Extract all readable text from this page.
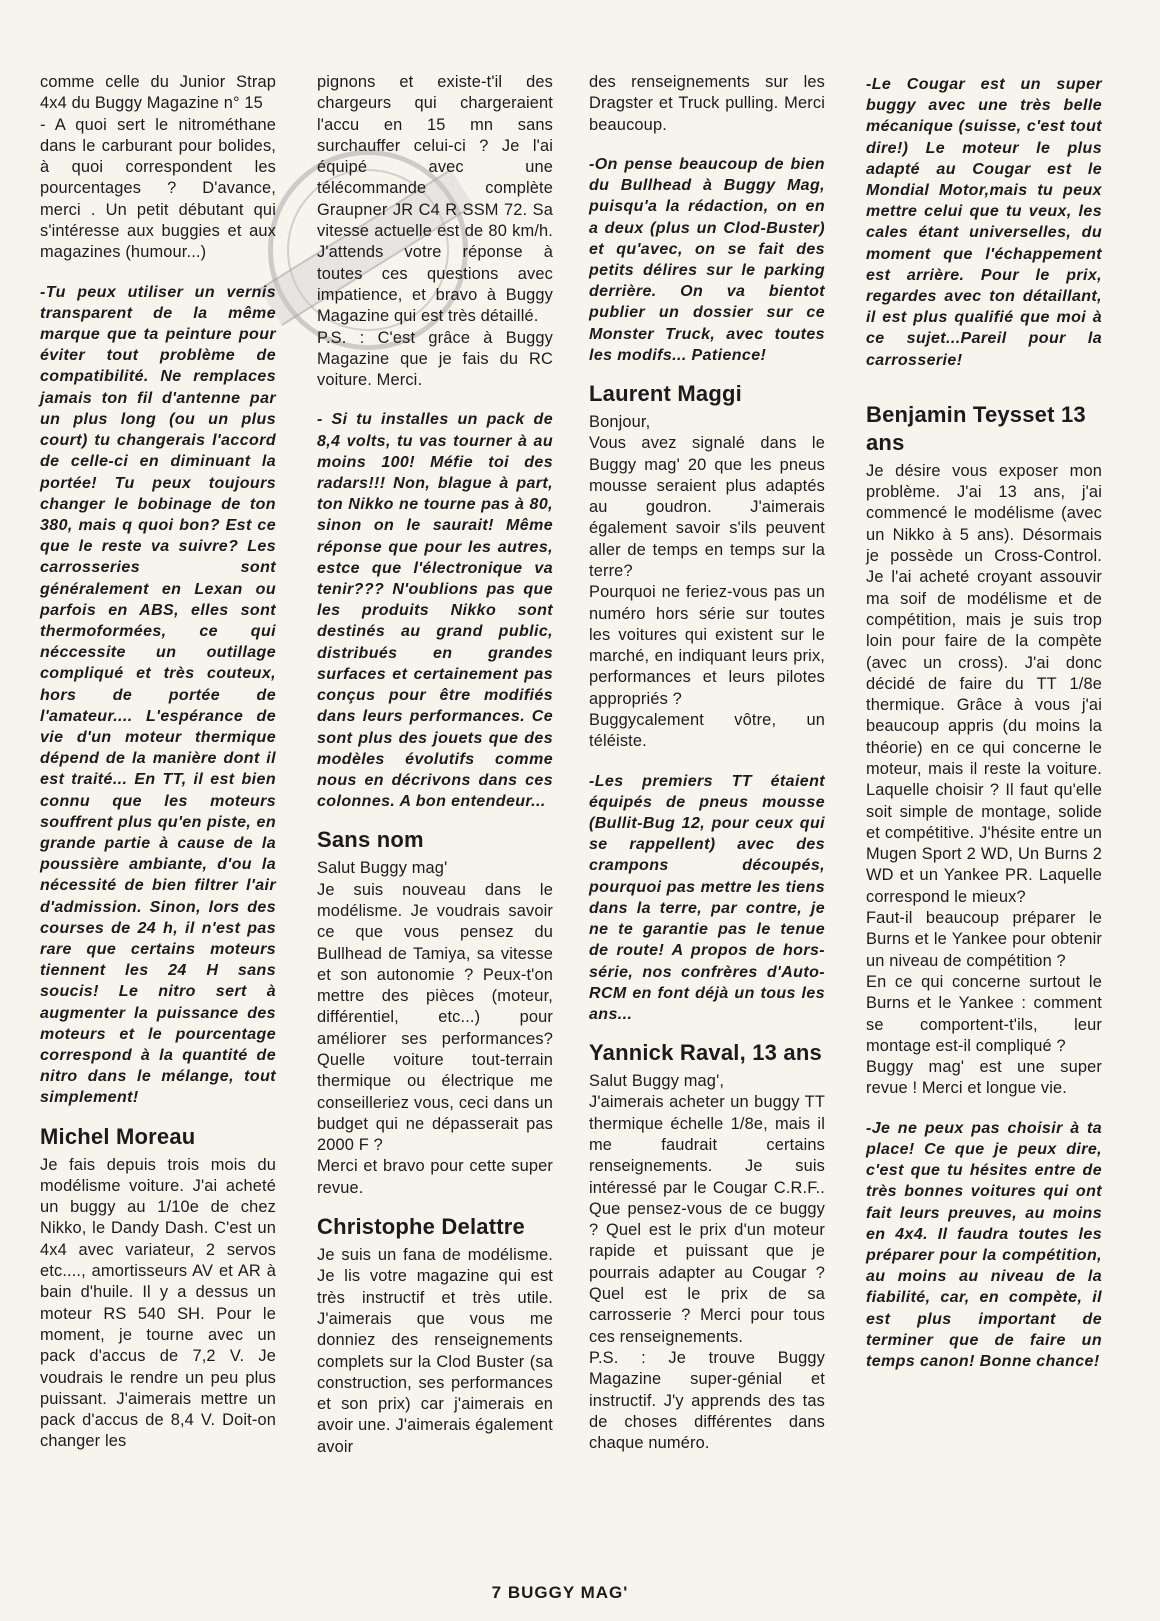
comme celle du Junior Strap 4x4 du Buggy Magazine n° 15

- A quoi sert le nitrométhane dans le carburant pour bolides, à quoi correspondent les pourcentages ? D'avance, merci . Un petit débutant qui s'intéresse aux buggies et aux magazines (humour...)

-Tu peux utiliser un vernis transparent de la même marque que ta peinture pour éviter tout problème de compatibilité. Ne remplaces jamais ton fil d'antenne par un plus long (ou un plus court) tu changerais l'accord de celle-ci en diminuant la portée! Tu peux toujours changer le bobinage de ton 380, mais q quoi bon? Est ce que le reste va suivre? Les carrosseries sont généralement en Lexan ou parfois en ABS, elles sont thermoformées, ce qui néccessite un outillage compliqué et très couteux, hors de portée de l'amateur.... L'espérance de vie d'un moteur thermique dépend de la manière dont il est traité... En TT, il est bien connu que les moteurs souffrent plus qu'en piste, en grande partie à cause de la poussière ambiante, d'ou la nécessité de bien filtrer l'air d'admission. Sinon, lors des courses de 24 h, il n'est pas rare que certains moteurs tiennent les 24 H sans soucis! Le nitro sert à augmenter la puissance des moteurs et le pourcentage correspond à la quantité de nitro dans le mélange, tout simplement!

Michel Moreau

Je fais depuis trois mois du modélisme voiture. J'ai acheté un buggy au 1/10e de chez Nikko, le Dandy Dash. C'est un 4x4 avec variateur, 2 servos etc...., amortisseurs AV et AR à bain d'huile. Il y a dessus un moteur RS 540 SH. Pour le moment, je tourne avec un pack d'accus de 7,2 V. Je voudrais le rendre un peu plus puissant. J'aimerais mettre un pack d'accus de 8,4 V. Doit-on changer les

pignons et existe-t'il des chargeurs qui chargeraient l'accu en 15 mn sans surchauffer celui-ci ? Je l'ai équipé avec une télécommande complète Graupner JR C4 R SSM 72. Sa vitesse actuelle est de 80 km/h. J'attends votre réponse à toutes ces questions avec impatience, et bravo à Buggy Magazine qui est très détaillé.

P.S. : C'est grâce à Buggy Magazine que je fais du RC voiture. Merci.

- Si tu installes un pack de 8,4 volts, tu vas tourner à au moins 100! Méfie toi des radars!!! Non, blague à part, ton Nikko ne tourne pas à 80, sinon on le saurait! Même réponse que pour les autres, estce que l'électronique va tenir??? N'oublions pas que les produits Nikko sont destinés au grand public, distribués en grandes surfaces et certainement pas conçus pour être modifiés dans leurs performances. Ce sont plus des jouets que des modèles évolutifs comme nous en décrivons dans ces colonnes. A bon entendeur...

Sans nom

Salut Buggy mag'

Je suis nouveau dans le modélisme. Je voudrais savoir ce que vous pensez du Bullhead de Tamiya, sa vitesse et son autonomie ? Peux-t'on mettre des pièces (moteur, différentiel, etc...) pour améliorer ses performances? Quelle voiture tout-terrain thermique ou électrique me conseilleriez vous, ceci dans un budget qui ne dépasserait pas 2000 F ?

Merci et bravo pour cette super revue.

Christophe Delattre

Je suis un fana de modélisme. Je lis votre magazine qui est très instructif et très utile. J'aimerais que vous me donniez des renseignements complets sur la Clod Buster (sa construction, ses performances et son prix) car j'aimerais en avoir une. J'aimerais également avoir

des renseignements sur les Dragster et Truck pulling. Merci beaucoup.

-On pense beaucoup de bien du Bullhead à Buggy Mag, puisqu'a la rédaction, on en a deux (plus un Clod-Buster) et qu'avec, on se fait des petits délires sur le parking derrière. On va bientot publier un dossier sur ce Monster Truck, avec toutes les modifs... Patience!

Laurent Maggi

Bonjour,

Vous avez signalé dans le Buggy mag' 20 que les pneus mousse seraient plus adaptés au goudron. J'aimerais également savoir s'ils peuvent aller de temps en temps sur la terre?

Pourquoi ne feriez-vous pas un numéro hors série sur toutes les voitures qui existent sur le marché, en indiquant leurs prix, performances et leurs pilotes appropriés ?

Buggycalement vôtre, un téléiste.

-Les premiers TT étaient équipés de pneus mousse (Bullit-Bug 12, pour ceux qui se rappellent) avec des crampons découpés, pourquoi pas mettre les tiens dans la terre, par contre, je ne te garantie pas le tenue de route! A propos de hors-série, nos confrères d'Auto-RCM en font déjà un tous les ans...

Yannick Raval, 13 ans

Salut Buggy mag',

J'aimerais acheter un buggy TT thermique échelle 1/8e, mais il me faudrait certains renseignements. Je suis intéressé par le Cougar C.R.F.. Que pensez-vous de ce buggy ? Quel est le prix d'un moteur rapide et puissant que je pourrais adapter au Cougar ? Quel est le prix de sa carrosserie ? Merci pour tous ces renseignements.

P.S. : Je trouve Buggy Magazine super-génial et instructif. J'y apprends des tas de choses différentes dans chaque numéro.

-Le Cougar est un super buggy avec une très belle mécanique (suisse, c'est tout dire!) Le moteur le plus adapté au Cougar est le Mondial Motor,mais tu peux mettre celui que tu veux, les cales étant universelles, du moment que l'échappement est arrière. Pour le prix, regardes avec ton détaillant, il est plus qualifié que moi à ce sujet...Pareil pour la carrosserie!

Benjamin Teysset 13 ans

Je désire vous exposer mon problème. J'ai 13 ans, j'ai commencé le modélisme (avec un Nikko à 5 ans). Désormais je possède un Cross-Control. Je l'ai acheté croyant assouvir ma soif de modélisme et de compétition, mais je suis trop loin pour faire de la compète (avec un cross). J'ai donc décidé de faire du TT 1/8e thermique. Grâce à vous j'ai beaucoup appris (du moins la théorie) en ce qui concerne le moteur, mais il reste la voiture. Laquelle choisir ? Il faut qu'elle soit simple de montage, solide et compétitive. J'hésite entre un Mugen Sport 2 WD, Un Burns 2 WD et un Yankee PR. Laquelle correspond le mieux?

Faut-il beaucoup préparer le Burns et le Yankee pour obtenir un niveau de compétition ?

En ce qui concerne surtout le Burns et le Yankee : comment se comportent-t'ils, leur montage est-il compliqué ?

Buggy mag' est une super revue ! Merci et longue vie.

-Je ne peux pas choisir à ta place! Ce que je peux dire, c'est que tu hésites entre de très bonnes voitures qui ont fait leurs preuves, au moins en 4x4. Il faudra toutes les préparer pour la compétition, au moins au niveau de la fiabilité, car, en compète, il est plus important de terminer que de faire un temps canon! Bonne chance!

7 BUGGY MAG'
